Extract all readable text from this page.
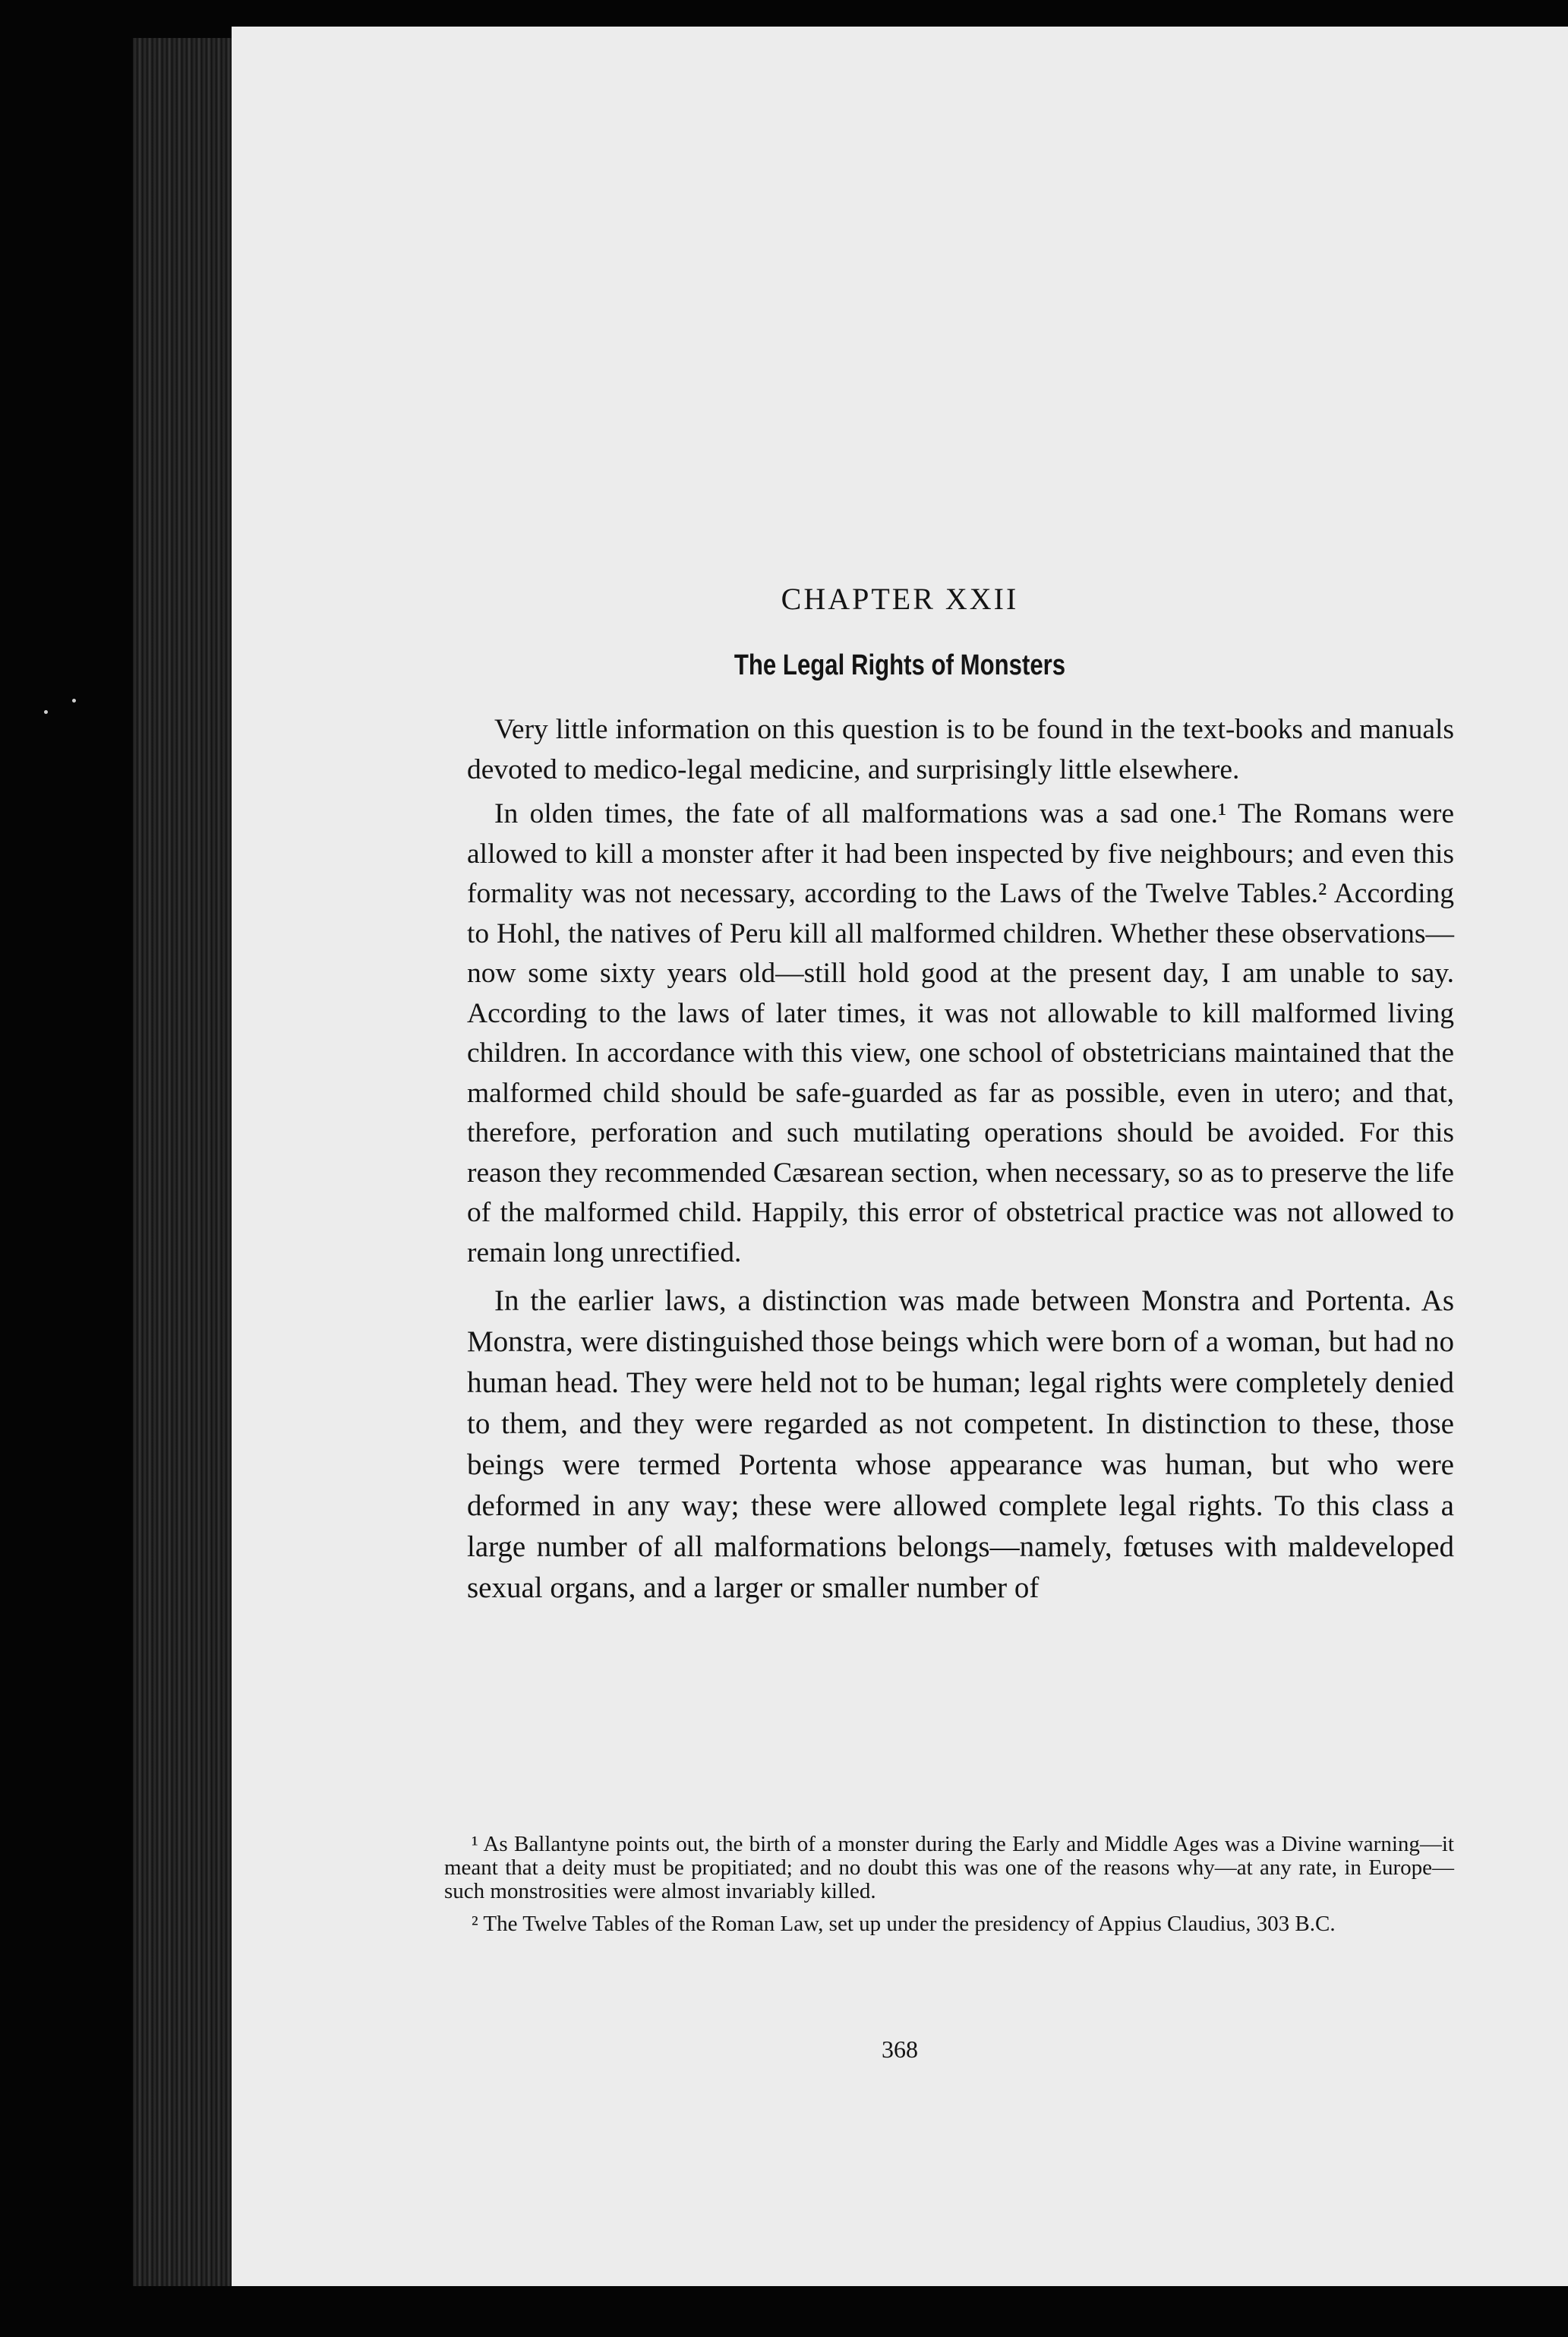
CHAPTER XXII
The Legal Rights of Monsters

Very little information on this question is to be found in the text-books and manuals devoted to medico-legal medicine, and surprisingly little elsewhere.

In olden times, the fate of all malformations was a sad one.¹ The Romans were allowed to kill a monster after it had been inspected by five neighbours; and even this formality was not necessary, according to the Laws of the Twelve Tables.² According to Hohl, the natives of Peru kill all malformed children. Whether these observations—now some sixty years old—still hold good at the present day, I am unable to say. According to the laws of later times, it was not allowable to kill malformed living children. In accordance with this view, one school of obstetricians maintained that the malformed child should be safe-guarded as far as possible, even in utero; and that, therefore, perforation and such mutilating operations should be avoided. For this reason they recommended Cæsarean section, when necessary, so as to preserve the life of the malformed child. Happily, this error of obstetrical practice was not allowed to remain long unrectified.

In the earlier laws, a distinction was made between Monstra and Portenta. As Monstra, were distinguished those beings which were born of a woman, but had no human head. They were held not to be human; legal rights were completely denied to them, and they were regarded as not competent. In distinction to these, those beings were termed Portenta whose appearance was human, but who were deformed in any way; these were allowed complete legal rights. To this class a large number of all malformations belongs—namely, fœtuses with maldeveloped sexual organs, and a larger or smaller number of

¹ As Ballantyne points out, the birth of a monster during the Early and Middle Ages was a Divine warning—it meant that a deity must be propitiated; and no doubt this was one of the reasons why—at any rate, in Europe—such monstrosities were almost invariably killed.

² The Twelve Tables of the Roman Law, set up under the presidency of Appius Claudius, 303 B.C.

368
